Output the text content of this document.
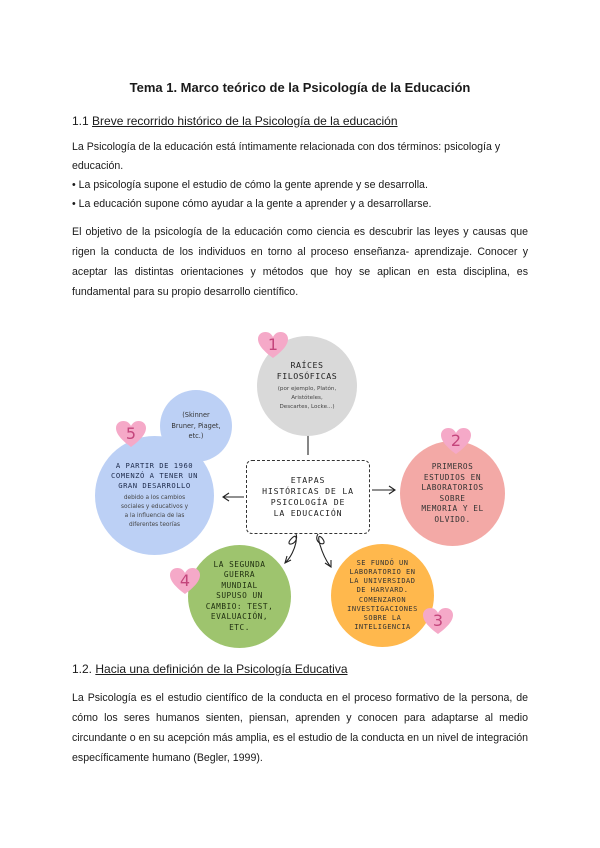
Tema 1. Marco teórico de la Psicología de la Educación
1.1 Breve recorrido histórico de la Psicología de la educación
La Psicología de la educación está íntimamente relacionada con dos términos: psicología y
educación.
• La psicología supone el estudio de cómo la gente aprende y se desarrolla.
• La educación supone cómo ayudar a la gente a aprender y a desarrollarse.
El objetivo de la psicología de la educación como ciencia es descubrir las leyes y causas que rigen la conducta de los individuos en torno al proceso enseñanza- aprendizaje. Conocer y aceptar las distintas orientaciones y métodos que hoy se aplican en esta disciplina, es fundamental para su propio desarrollo científico.
RAÍCES
FILOSÓFICAS
(por ejemplo, Platón,
Aristóteles,
Descartes, Locke...)
1
PRIMEROS
ESTUDIOS EN
LABORATORIOS
SOBRE
MEMORIA Y EL
OLVIDO.
2
SE FUNDÓ UN
LABORATORIO EN
LA UNIVERSIDAD
DE HARVARD.
COMENZARON
INVESTIGACIONES
SOBRE LA
INTELIGENCIA	3
LA SEGUNDA
GUERRA
MUNDIAL
SUPUSO UN
CAMBIO: TEST,
EVALUACIÓN,
ETC.
4
(Skinner
Bruner, Piaget,
etc.)
A PARTIR DE 1960
COMENZÓ A TENER UN
GRAN DESARROLLO
debido a los cambios
sociales y educativos y
a la influencia de las
diferentes teorías
5
ETAPAS
HISTÓRICAS DE LA
PSICOLOGÍA DE
LA EDUCACIÓN
1.2. Hacia una definición de la Psicología Educativa
La Psicología es el estudio científico de la conducta en el proceso formativo de la persona, de cómo los seres humanos sienten, piensan, aprenden y conocen para adaptarse al medio circundante o en su acepción más amplia, es el estudio de la conducta en un nivel de integración específicamente humano (Begler, 1999).
